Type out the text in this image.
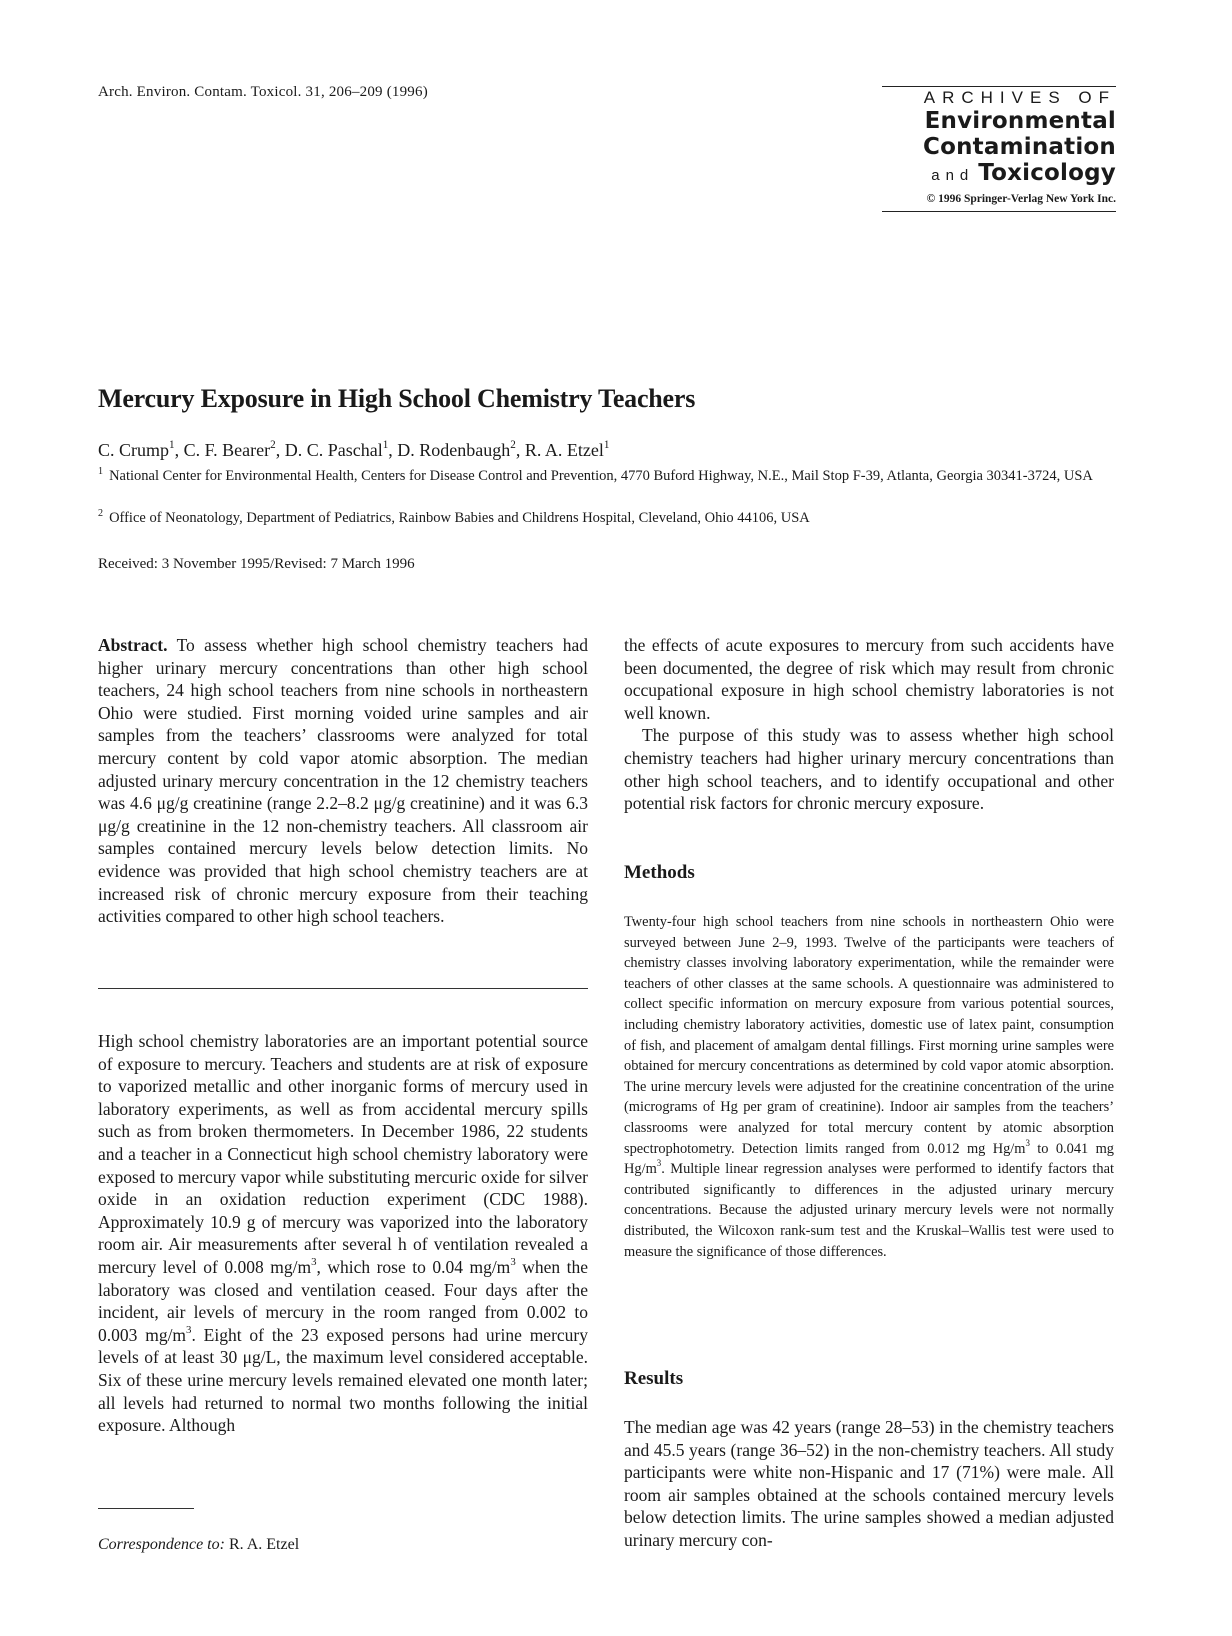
Arch. Environ. Contam. Toxicol. 31, 206–209 (1996)	ARCHIVES OF
Environmental
Contamination
and Toxicology
© 1996 Springer-Verlag New York Inc.
Mercury Exposure in High School Chemistry Teachers
C. Crump$^1$, C. F. Bearer$^2$, D. C. Paschal$^1$, D. Rodenbaugh$^2$, R. A. Etzel$^1$
$^1$ National Center for Environmental Health, Centers for Disease Control and Prevention, 4770 Buford Highway, N.E., Mail Stop F-39, Atlanta, Georgia 30341-3724, USA
$^2$ Office of Neonatology, Department of Pediatrics, Rainbow Babies and Childrens Hospital, Cleveland, Ohio 44106, USA
Received: 3 November 1995/Revised: 7 March 1996

Abstract. To assess whether high school chemistry teachers had higher urinary mercury concentrations than other high school teachers, 24 high school teachers from nine schools in northeastern Ohio were studied. First morning voided urine samples and air samples from the teachers’ classrooms were analyzed for total mercury content by cold vapor atomic absorption. The median adjusted urinary mercury concentration in the 12 chemistry teachers was 4.6 μg/g creatinine (range 2.2–8.2 μg/g creatinine) and it was 6.3 μg/g creatinine in the 12 non-chemistry teachers. All classroom air samples contained mercury levels below detection limits. No evidence was provided that high school chemistry teachers are at increased risk of chronic mercury exposure from their teaching activities compared to other high school teachers.

High school chemistry laboratories are an important potential source of exposure to mercury. Teachers and students are at risk of exposure to vaporized metallic and other inorganic forms of mercury used in laboratory experiments, as well as from accidental mercury spills such as from broken thermometers. In December 1986, 22 students and a teacher in a Connecticut high school chemistry laboratory were exposed to mercury vapor while substituting mercuric oxide for silver oxide in an oxidation reduction experiment (CDC 1988). Approximately 10.9 g of mercury was vaporized into the laboratory room air. Air measurements after several h of ventilation revealed a mercury level of 0.008 $mg/m^3$, which rose to 0.04 $mg/m^3$ when the laboratory was closed and ventilation ceased. Four days after the incident, air levels of mercury in the room ranged from 0.002 to 0.003 $mg/m^3$. Eight of the 23 exposed persons had urine mercury levels of at least 30 μg/L, the maximum level considered acceptable. Six of these urine mercury levels remained elevated one month later; all levels had returned to normal two months following the initial exposure. Although

Correspondence to: R. A. Etzel

the effects of acute exposures to mercury from such accidents have been documented, the degree of risk which may result from chronic occupational exposure in high school chemistry laboratories is not well known.

The purpose of this study was to assess whether high school chemistry teachers had higher urinary mercury concentrations than other high school teachers, and to identify occupational and other potential risk factors for chronic mercury exposure.

Methods

Twenty-four high school teachers from nine schools in northeastern Ohio were surveyed between June 2–9, 1993. Twelve of the participants were teachers of chemistry classes involving laboratory experimentation, while the remainder were teachers of other classes at the same schools. A questionnaire was administered to collect specific information on mercury exposure from various potential sources, including chemistry laboratory activities, domestic use of latex paint, consumption of fish, and placement of amalgam dental fillings. First morning urine samples were obtained for mercury concentrations as determined by cold vapor atomic absorption. The urine mercury levels were adjusted for the creatinine concentration of the urine (micrograms of Hg per gram of creatinine). Indoor air samples from the teachers’ classrooms were analyzed for total mercury content by atomic absorption spectrophotometry. Detection limits ranged from 0.012 mg $Hg/m^3$ to 0.041 mg $Hg/m^3$. Multiple linear regression analyses were performed to identify factors that contributed significantly to differences in the adjusted urinary mercury concentrations. Because the adjusted urinary mercury levels were not normally distributed, the Wilcoxon rank-sum test and the Kruskal–Wallis test were used to measure the significance of those differences.

Results
The median age was 42 years (range 28–53) in the chemistry teachers and 45.5 years (range 36–52) in the non-chemistry teachers. All study participants were white non-Hispanic and 17 (71%) were male. All room air samples obtained at the schools contained mercury levels below detection limits. The urine samples showed a median adjusted urinary mercury con-
